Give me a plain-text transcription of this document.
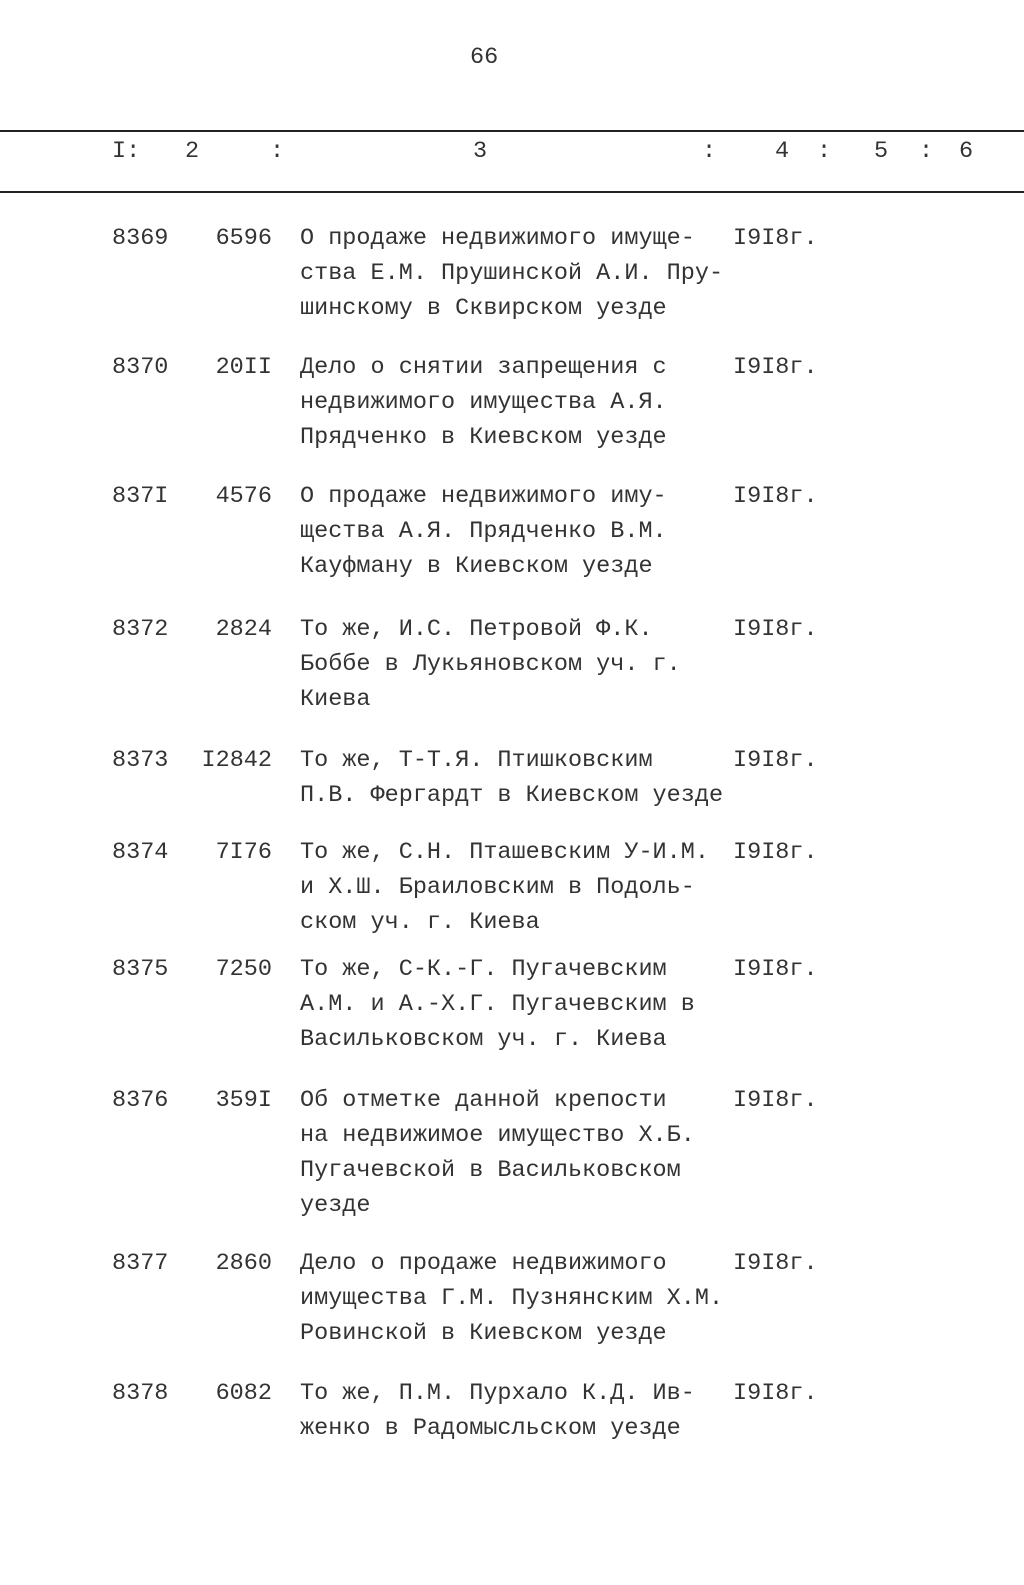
66
I: 2	:	3	:	4 : 5 : 6
8369 6596 О продаже недвижимого имуще-
ства Е.М. Прушинской А.И. Пру-
шинскому в Сквирском уезде
I9I8г.
8370 20II Дело о снятии запрещения с
недвижимого имущества А.Я.
Прядченко в Киевском уезде
I9I8г.
837I 4576 О продаже недвижимого иму-
щества А.Я. Прядченко В.М.
Кауфману в Киевском уезде
I9I8г.
8372 2824 То же, И.С. Петровой Ф.К.
Боббе в Лукьяновском уч. г.
Киева
I9I8г.
8373 I2842 То же, Т-Т.Я. Птишковским
П.В. Фергардт в Киевском уезде
I9I8г.
8374 7I76 То же, С.Н. Пташевским У-И.М.
и Х.Ш. Браиловским в Подоль-
ском уч. г. Киева
I9I8г.
8375 7250 То же, С-К.-Г. Пугачевским
А.М. и А.-Х.Г. Пугачевским в
Васильковском уч. г. Киева
I9I8г.
8376 359I Об отметке данной крепости
на недвижимое имущество Х.Б.
Пугачевской в Васильковском
уезде
I9I8г.
8377 2860 Дело о продаже недвижимого
имущества Г.М. Пузнянским Х.М.
Ровинской в Киевском уезде
I9I8г.
8378 6082 То же, П.М. Пурхало К.Д. Ив-
женко в Радомысльском уезде
I9I8г.
